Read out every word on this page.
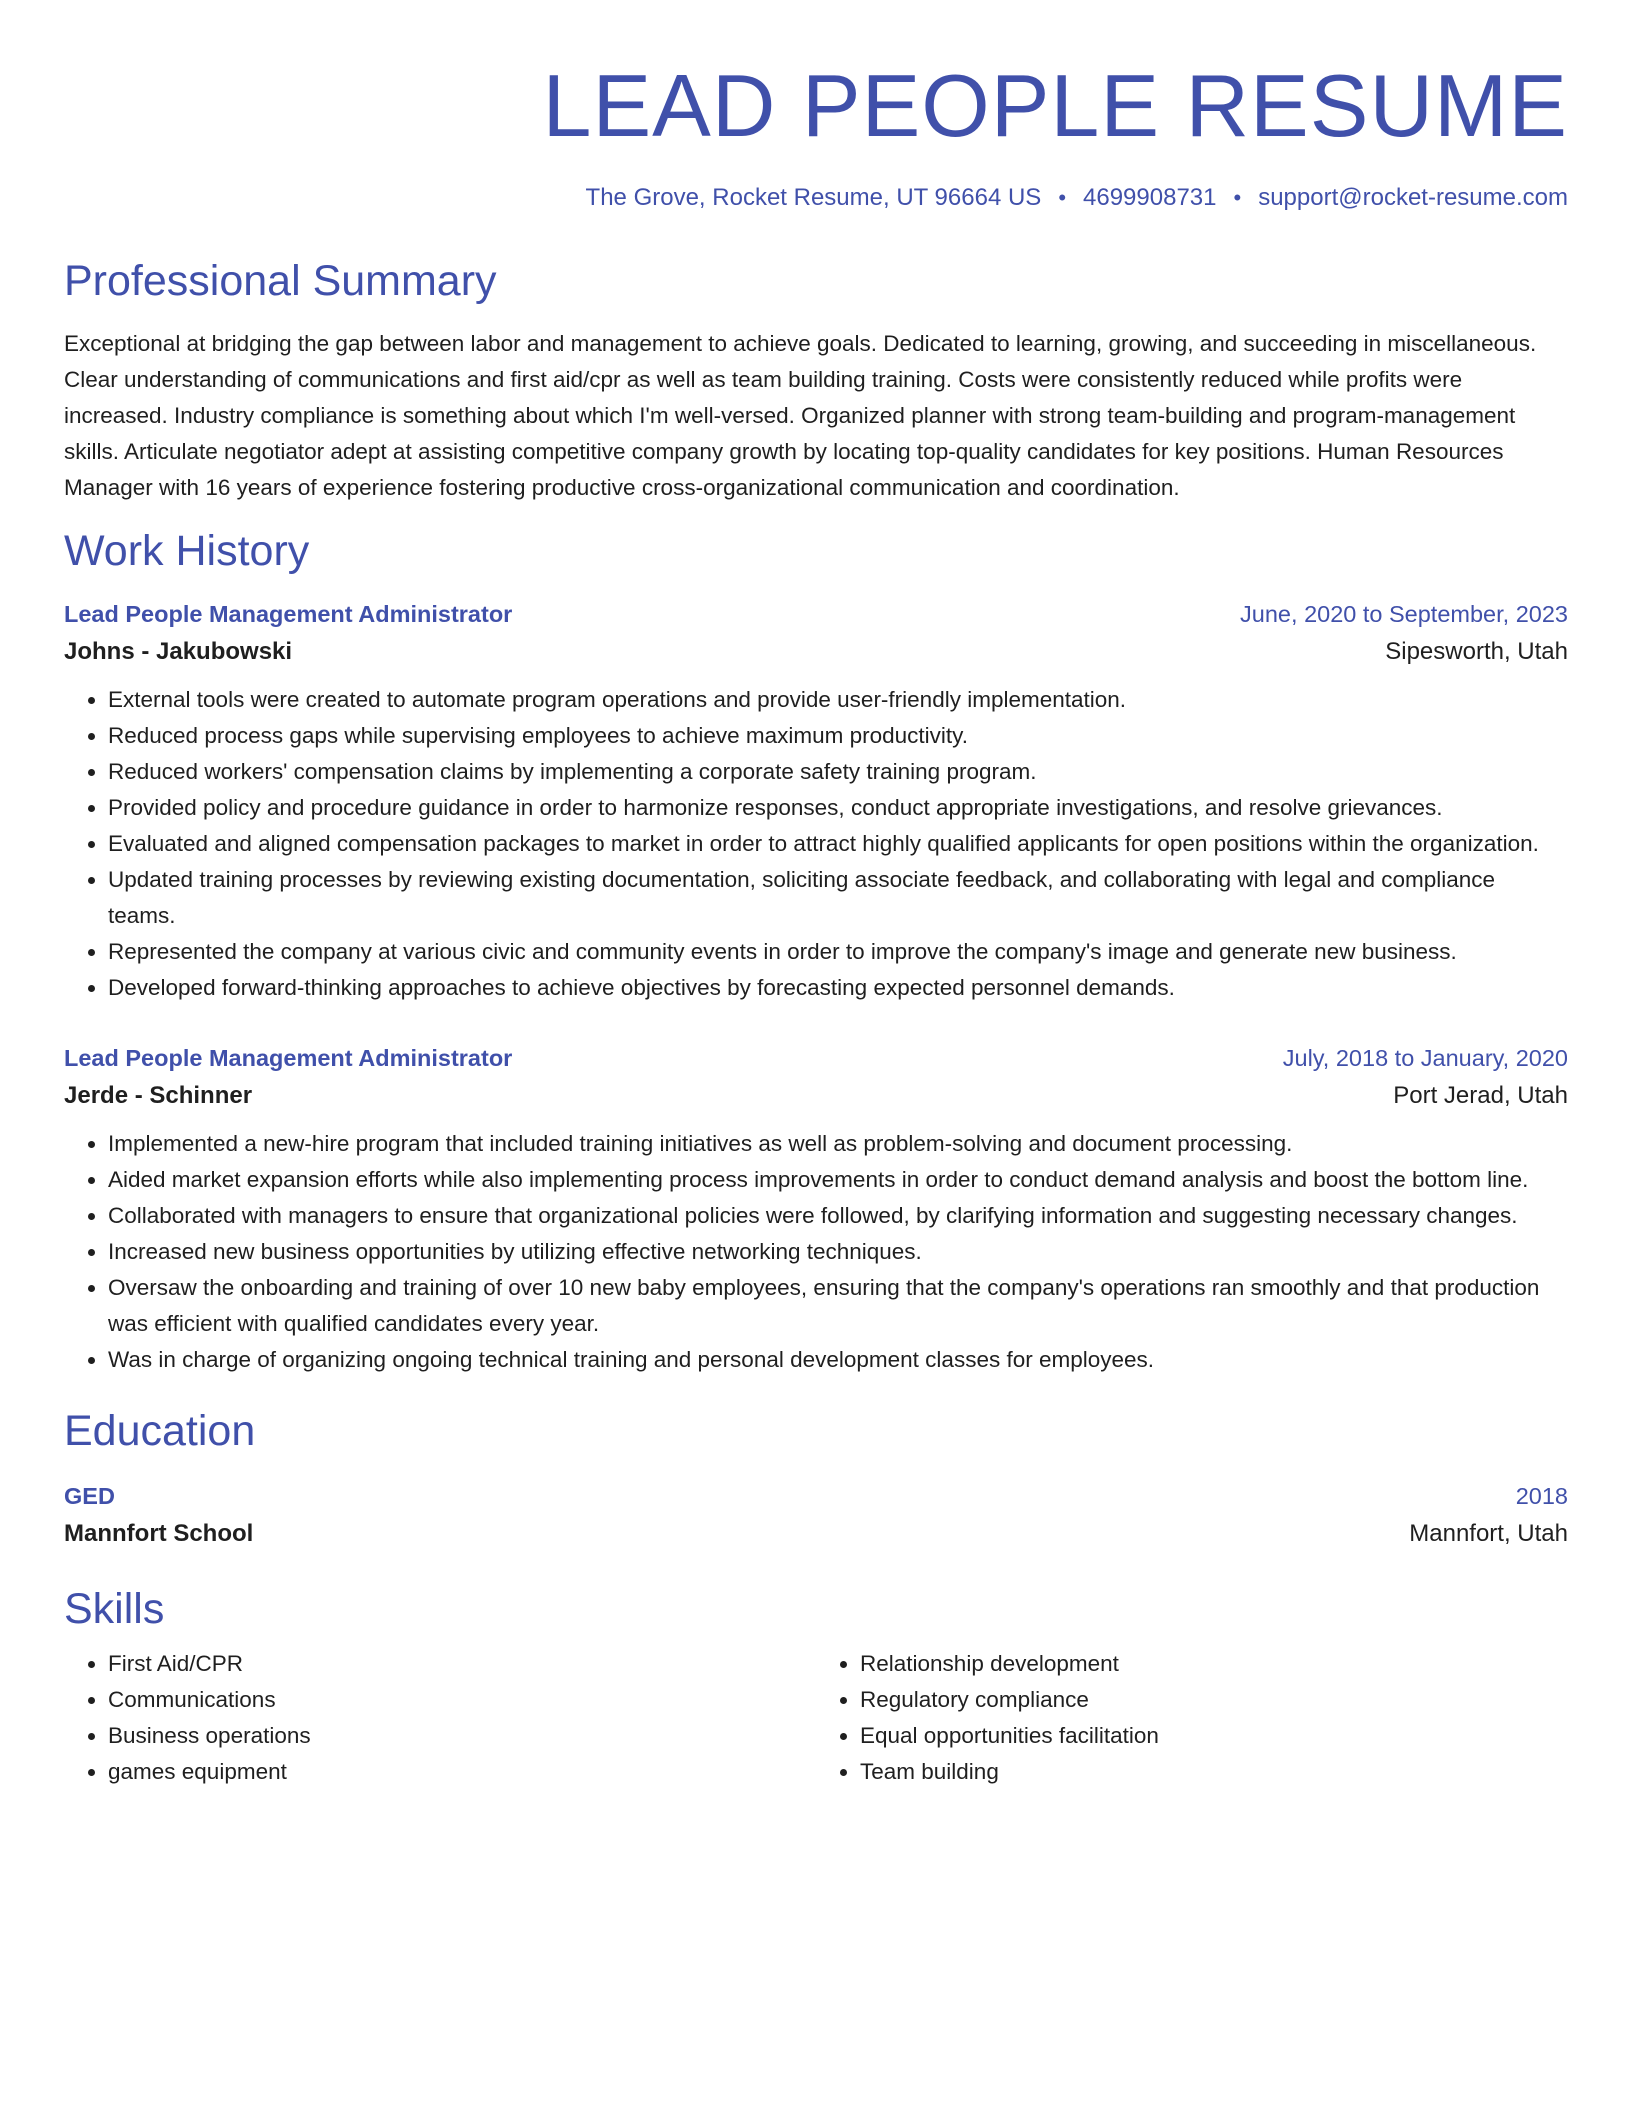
LEAD PEOPLE RESUME
The Grove, Rocket Resume, UT 96664 US • 4699908731 • support@rocket-resume.com
Professional Summary
Exceptional at bridging the gap between labor and management to achieve goals. Dedicated to learning, growing, and succeeding in miscellaneous. Clear understanding of communications and first aid/cpr as well as team building training. Costs were consistently reduced while profits were increased. Industry compliance is something about which I'm well-versed. Organized planner with strong team-building and program-management skills. Articulate negotiator adept at assisting competitive company growth by locating top-quality candidates for key positions. Human Resources Manager with 16 years of experience fostering productive cross-organizational communication and coordination.
Work History
Lead People Management Administrator	June, 2020 to September, 2023
Johns - Jakubowski	Sipesworth, Utah
• External tools were created to automate program operations and provide user-friendly implementation.
• Reduced process gaps while supervising employees to achieve maximum productivity.
• Reduced workers' compensation claims by implementing a corporate safety training program.
• Provided policy and procedure guidance in order to harmonize responses, conduct appropriate investigations, and resolve grievances.
• Evaluated and aligned compensation packages to market in order to attract highly qualified applicants for open positions within the organization.
• Updated training processes by reviewing existing documentation, soliciting associate feedback, and collaborating with legal and compliance teams.
• Represented the company at various civic and community events in order to improve the company's image and generate new business.
• Developed forward-thinking approaches to achieve objectives by forecasting expected personnel demands.
Lead People Management Administrator	July, 2018 to January, 2020
Jerde - Schinner	Port Jerad, Utah
• Implemented a new-hire program that included training initiatives as well as problem-solving and document processing.
• Aided market expansion efforts while also implementing process improvements in order to conduct demand analysis and boost the bottom line.
• Collaborated with managers to ensure that organizational policies were followed, by clarifying information and suggesting necessary changes.
• Increased new business opportunities by utilizing effective networking techniques.
• Oversaw the onboarding and training of over 10 new baby employees, ensuring that the company's operations ran smoothly and that production was efficient with qualified candidates every year.
• Was in charge of organizing ongoing technical training and personal development classes for employees.
Education
GED	2018
Mannfort School	Mannfort, Utah
Skills
• First Aid/CPR
• Communications
• Business operations
• games equipment
• Relationship development
• Regulatory compliance
• Equal opportunities facilitation
• Team building
